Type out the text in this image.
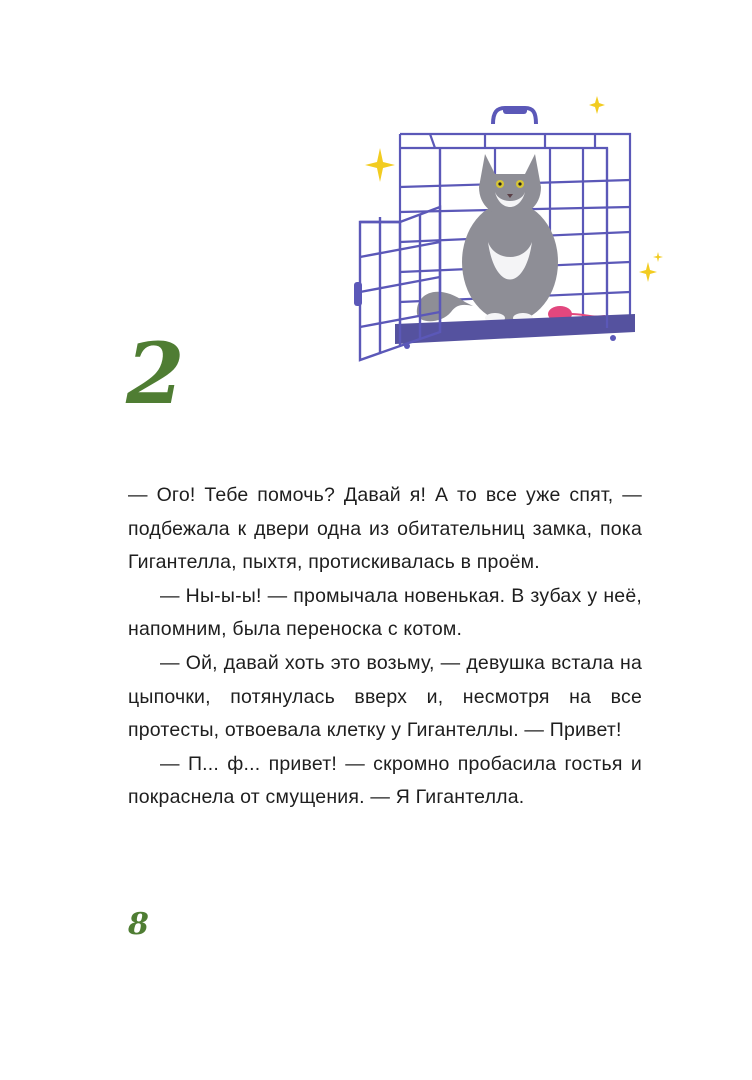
2

— Ого! Тебе помочь? Давай я! А то все уже спят, — подбежала к двери одна из обитательниц замка, пока Гигантелла, пыхтя, протискивалась в проём.

— Ны-ы-ы! — промычала новенькая. В зубах у неё, напомним, была переноска с котом.

— Ой, давай хоть это возьму, — девушка встала на цыпочки, потянулась вверх и, несмотря на все протесты, отвоевала клетку у Гигантеллы. — Привет!

— П... ф... привет! — скромно пробасила гостья и покраснела от смущения. — Я Гигантелла.

8
